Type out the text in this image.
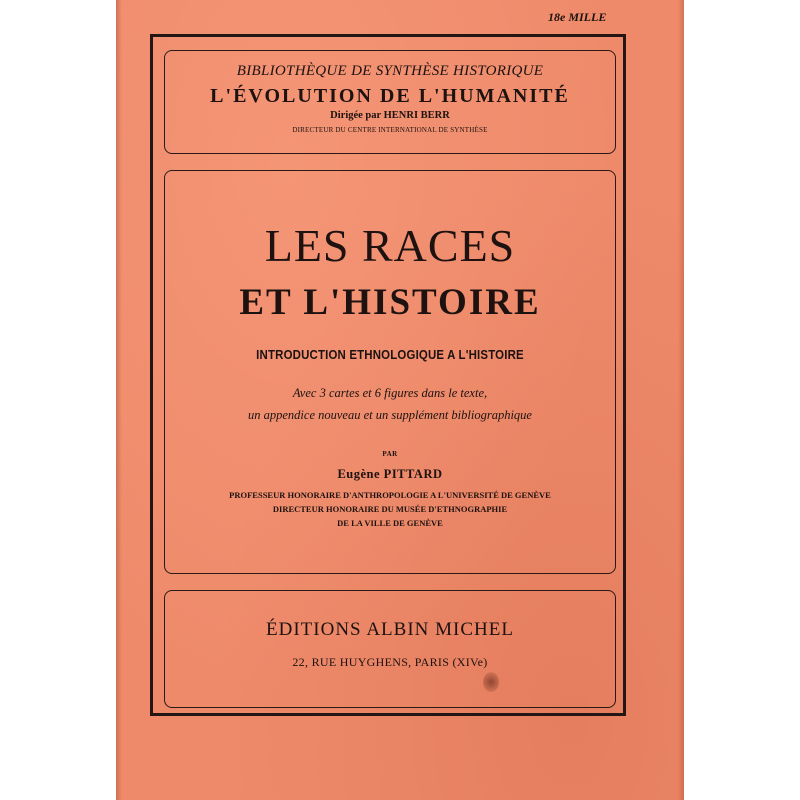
18e MILLE
BIBLIOTHÈQUE DE SYNTHÈSE HISTORIQUE
L'ÉVOLUTION DE L'HUMANITÉ
Dirigée par HENRI BERR
DIRECTEUR DU CENTRE INTERNATIONAL DE SYNTHÈSE
LES RACES
ET L'HISTOIRE
INTRODUCTION ETHNOLOGIQUE A L'HISTOIRE
Avec 3 cartes et 6 figures dans le texte,
un appendice nouveau et un supplément bibliographique
PAR
Eugène PITTARD
PROFESSEUR HONORAIRE D'ANTHROPOLOGIE A L'UNIVERSITÉ DE GENÈVE
DIRECTEUR HONORAIRE DU MUSÉE D'ETHNOGRAPHIE
DE LA VILLE DE GENÈVE
ÉDITIONS ALBIN MICHEL
22, RUE HUYGHENS, PARIS (XIVe)
